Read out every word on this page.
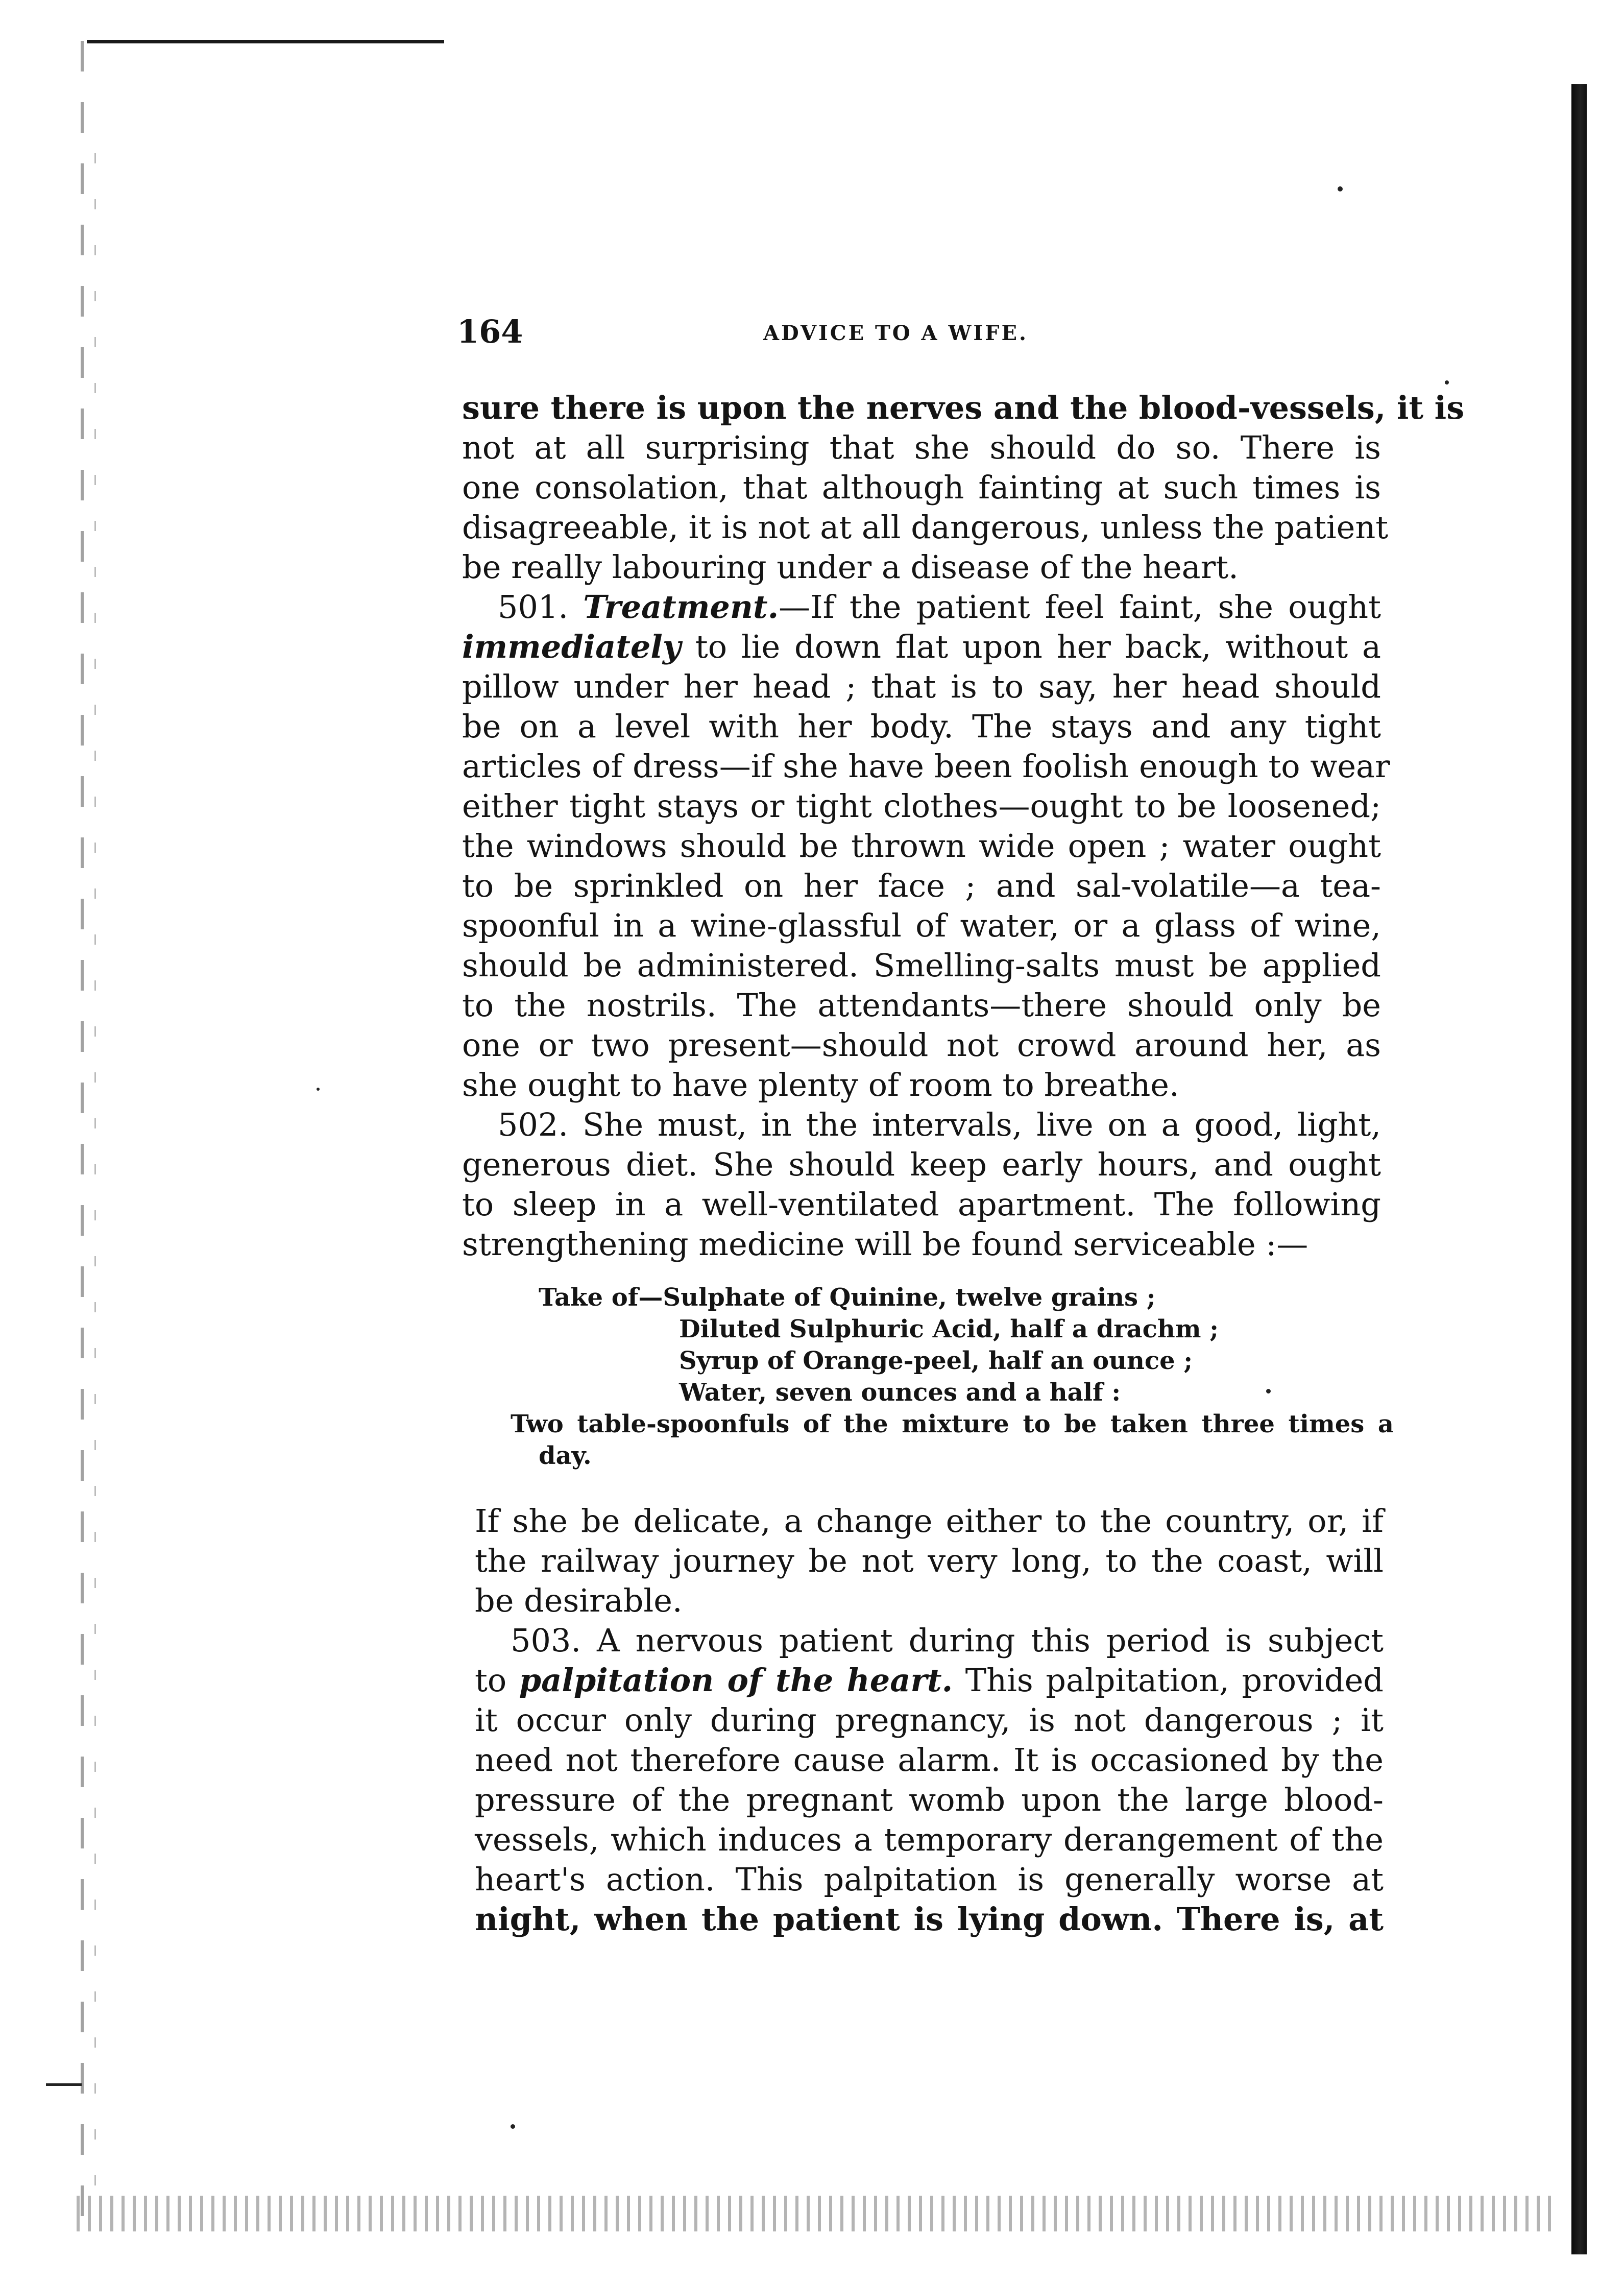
164	ADVICE TO A WIFE.
sure there is upon the nerves and the blood-vessels, it is
not at all surprising that she should do so. There is
one consolation, that although fainting at such times is
disagreeable, it is not at all dangerous, unless the patient
be really labouring under a disease of the heart.
501. Treatment.—If the patient feel faint, she ought
immediately to lie down flat upon her back, without a
pillow under her head ; that is to say, her head should
be on a level with her body. The stays and any tight
articles of dress—if she have been foolish enough to wear
either tight stays or tight clothes—ought to be loosened;
the windows should be thrown wide open ; water ought
to be sprinkled on her face ; and sal-volatile—a tea-
spoonful in a wine-glassful of water, or a glass of wine,
should be administered. Smelling-salts must be applied
to the nostrils. The attendants—there should only be
one or two present—should not crowd around her, as
she ought to have plenty of room to breathe.
502. She must, in the intervals, live on a good, light,
generous diet. She should keep early hours, and ought
to sleep in a well-ventilated apartment. The following
strengthening medicine will be found serviceable :—
Take of—Sulphate of Quinine, twelve grains ;
Diluted Sulphuric Acid, half a drachm ;
Syrup of Orange-peel, half an ounce ;
Water, seven ounces and a half :
Two table-spoonfuls of the mixture to be taken three times a
day.
If she be delicate, a change either to the country, or, if
the railway journey be not very long, to the coast, will
be desirable.
503. A nervous patient during this period is subject
to palpitation of the heart. This palpitation, provided
it occur only during pregnancy, is not dangerous ; it
need not therefore cause alarm. It is occasioned by the
pressure of the pregnant womb upon the large blood-
vessels, which induces a temporary derangement of the
heart's action. This palpitation is generally worse at
night, when the patient is lying down. There is, at
